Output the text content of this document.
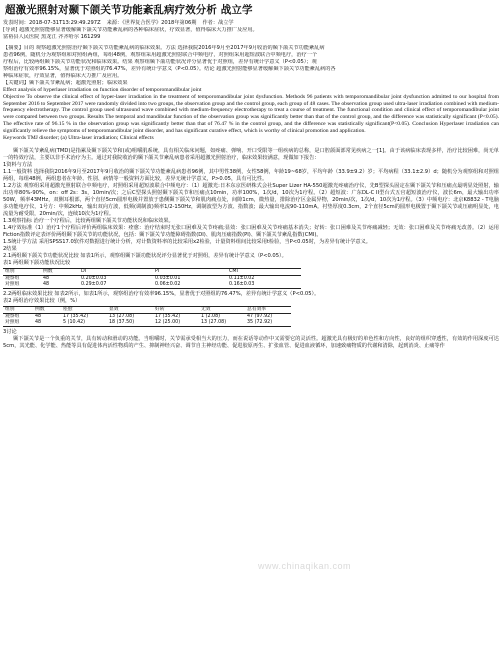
超激光照射对颞下颌关节功能紊乱病疗效分析 战立学
发表时间：2018-07-31T13:29:49.297Z 来源：《世界复合医学》2018年第06期 作者：战立学
[导读] 超激光照射能够显著缓解颞下颌关节功能紊乱病的各种临床症状，疗效显著，值得临床大力推广及应用。
富裕县人民医院 黑龙江 齐齐哈尔 161299
【摘要】目的 观察超激光照射治疗颞下颌关节功能紊乱病的临床效果。方法 选择我院2016年9月至2017年9月收治的颞下颌关节功能紊乱病
患者96例，随机分为观察组和对照组两组，每组48例，观察组采用超激光照射联合中频电疗，对照组采用超短波联合中频电疗，治疗一个
疗程后，比较两组颞下颌关节功能状况和临床效果。结果 观察组颞下颌功能状况评分显著优于对照组，差异有统计学意义（P<0.05）；观
察组治疗有效率96.15%，显著优于对照组的76.47%，差异有统计学意义（P<0.05）。结论 超激光照射能够显著缓解颞下颌关节功能紊乱病的各
种临床症状，疗效显著，值得临床大力推广及应用。
【关键词】颞下颌关节紊乱病；超激光照射；临床效果

Effect analysis of hyperlaser irradiation on function disorder of temporomandibular joint

Objective To observe the clinical effect of hyper-laser irradiation in the treatment of temporomandibular joint dysfunction. Methods 96 patients with temporomandibular joint dysfunction admitted to our hospital from September 2016 to September 2017 were randomly divided into two groups, the observation group and the control group, each group of 48 cases. The observation group used ultra-laser irradiation combined with medium-frequency electrotherapy. The control group used ultrasound wave combined with medium-frequency electrotherapy to treat a course of treatment. The functional condition and clinical effect of temporomandibular joint were compared between two groups. Results The temporal and mandibular function of the observation group was significantly better than that of the control group, and the difference was statistically significant (P<0.05). The effective rate of 96.15 % in the observation group was significantly better than that of 76.47 % in the control group, and the difference was statistically significant(P<0.05). Conclusion Hyperlaser irradiation can significantly relieve the symptoms of temporomandibular joint disorder, and has significant curative effect, which is worthy of clinical promotion and application.

Keywords TMJ disorder; (a) Ultra-laser irradiation; Clinical effects

颞下颌关节紊乱病(TMD)是指累及颞下颌关节和(或)咀嚼肌系统，具有相关临床问题，如疼痛、弹响、开口受限等一组疾病的总称，是口腔颌面部常见疾病之一[1]。由于该病临床表现多样，治疗比较困难，尚无单一的特效疗法，主要以非手术治疗为主。通过对我院收治的颞下颌关节紊乱病患者采用超激光照射治疗，临床效果较满意，现做如下报告：

1资料与方法

1.1一般资料 选择我院2016年9月至2017年9月收治的颞下颌关节功能紊乱病患者96例，其中男性38例，女性58例，年龄19~68岁，平均年龄（33.9±9.2）岁；平均病程（33.1±2.9）d；随机分为观察组和对照组两组，每组48例，两组患者在年龄、性别、病情等一般资料方面比较，差异无统计学意义，P>0.05，具有可比性。

1.2方法 观察组采用超激光照射联合中频电疗，对照组采用超短波联合中频电疗：（1）超激光:日本东京医研株式会社Super Lizer HA-550超激光疼痛治疗仪，先B型探头固定在颞下颌关节和压痛点最明显处照射，输出功率80%-90%，on：off 2s：3s，10min/次；之后C型探头照射颞下颌关节和压痛点10min，功率100%，1次/d，10次为1疗程。（2）超短波：广东DL-C II型台式五官超短波治疗仪，波长6m，最大输出功率50W，频率43MHz，双侧耳根部，两个直径5cm圆形电极并置放于患侧颞下颌关节和肌肉痛点处，间隙1cm，微热量，排除治疗区金属异物，20min/次，1次/d，10次为1疗程。（3）中频电疗：北京K8832 - T电脑多功能电疗仪，1号方：中频2kHz，输出双向方波，低频(调制波)频率1/2-150Hz，调制波型为方波、指数波；最大输出电流90-110mA。衬垫厚度0.3cm，2个直径5cm的圆形电极置于颞下颌关节或压痛明显处，电流量为耐受限，20min/次，连续10次为1疗程。

1.3观察指标 治疗一个疗程后，比较两组颞下颌关节功能状况和临床效果。

1.4疗效标准（1）治疗1个疗程后评价两组临床效果：痊愈：治疗结束时无张口困难及关节疼痛;显效：张口困难及关节疼痛基本消失；好转：张口困难及关节疼痛减轻；无效：张口困难及关节疼痛无改善。（2）运用Fiction指数评定表评价两组颞下颌关节的功能状况，包括：颞下颌关节功能障碍指数(DI)、肌肉压痛指数(PI)、颞下颌关节紊乱指数(CMI)。

1.5统计学方法 采用SPSS17.0软件对数据进行统计分析，对计数资料率的比较采用x2检验，计量资料组间比较采用t检验，当P<0.05时，为差异有统计学意义。

2结果

2.1两组颞下颌关节功能状况比较 如表1所示，观察组颞下颌功能状况评分显著优于对照组，差异有统计学意义（P<0.05）。

表1 两组颞下颌功能状况比较

组别	例数	DI	PI	CMI
观察组	48	0.20±0.03	0.03±0.01	0.11±0.02
对照组	48	0.29±0.07	0.06±0.02	0.16±0.03

2.2两组临床效果比较 如表2所示，如表1所示，观察组治疗有效率96.15%，显著优于对照组的76.47%，差异有统计学意义（P<0.05）。

表2 两组治疗效果比较（例，%）

组别	例数	痊愈	显效	好转	无效	总有效率
观察组	48	17 (35.42)	13 (27.08)	17 (35.42)	1 (2.08)	47 (97.92)
对照组	48	5 (10.42)	18 (37.50)	12 (25.00)	13 (27.08)	35 (72.92)

3讨论

颞下颌关节是一个负重的关节，具有转动和滑动的功能。当咀嚼时，关节需承受相当大的压力，而在说话等动作中又需要它的灵活性。超激光具有极好的单色性和方向性，良好的组织穿透性，有效的作用深度可达5cm，其光能、化学能、热能等具有促进体内活性物质的产生、抑制神经兴奋、调节自主神经功能、促进胶原再生、扩张血管、促进血液循环，加速致痛物质的代谢和清除，起到消炎、止痛等作

www.chinaqikan.com
